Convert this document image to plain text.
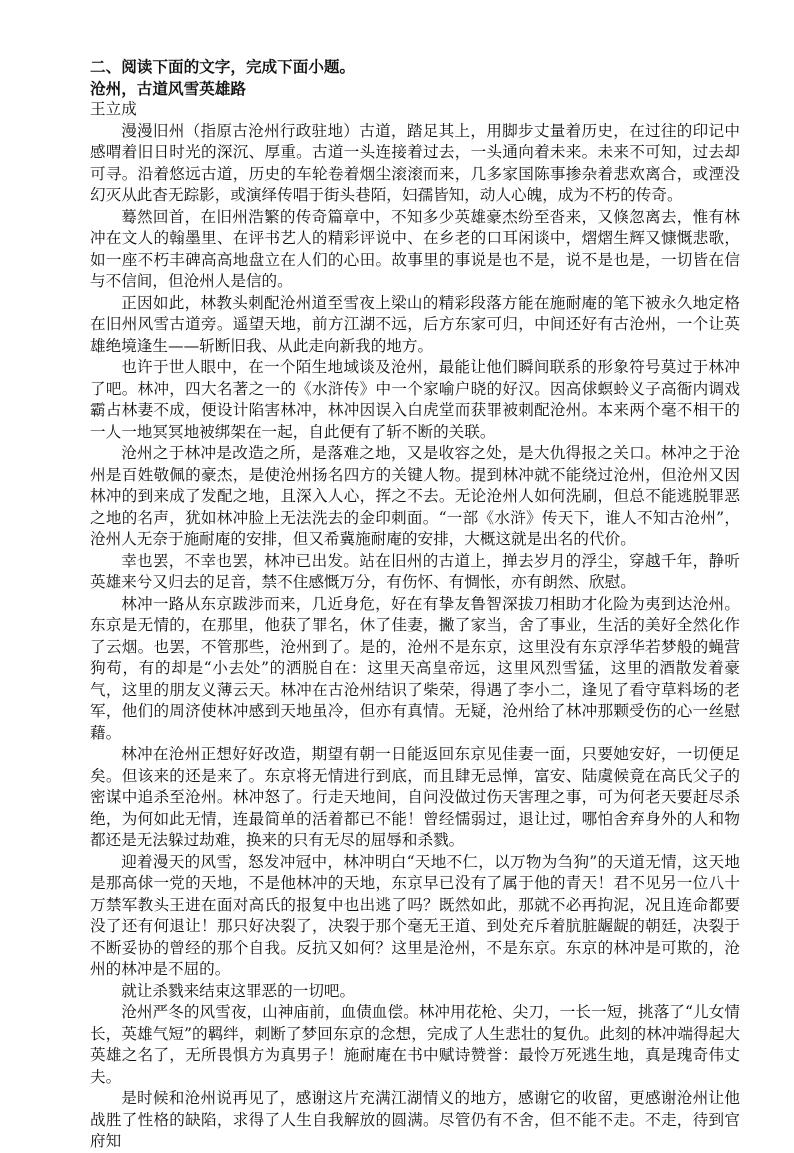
二、阅读下面的文字，完成下面小题。

沧州，古道风雪英雄路

王立成

漫漫旧州（指原古沧州行政驻地）古道，踏足其上，用脚步丈量着历史，在过往的印记中感喟着旧日时光的深沉、厚重。古道一头连接着过去，一头通向着未来。未来不可知，过去却可寻。沿着悠远古道，历史的车轮卷着烟尘滚滚而来，几多家国陈事掺杂着悲欢离合，或湮没幻灭从此杳无踪影，或演绎传唱于街头巷陌，妇孺皆知，动人心魄，成为不朽的传奇。

蓦然回首，在旧州浩繁的传奇篇章中，不知多少英雄豪杰纷至沓来，又倏忽离去，惟有林冲在文人的翰墨里、在评书艺人的精彩评说中、在乡老的口耳闲谈中，熠熠生辉又慷慨悲歌，如一座不朽丰碑高高地盘立在人们的心田。故事里的事说是也不是，说不是也是，一切皆在信与不信间，但沧州人是信的。

正因如此，林教头刺配沧州道至雪夜上梁山的精彩段落方能在施耐庵的笔下被永久地定格在旧州风雪古道旁。遥望天地，前方江湖不远，后方东家可归，中间还好有古沧州，一个让英雄绝境逢生——斩断旧我、从此走向新我的地方。

也许于世人眼中，在一个陌生地域谈及沧州，最能让他们瞬间联系的形象符号莫过于林冲了吧。林冲，四大名著之一的《水浒传》中一个家喻户晓的好汉。因高俅螟蛉义子高衙内调戏霸占林妻不成，便设计陷害林冲，林冲因误入白虎堂而获罪被刺配沧州。本来两个毫不相干的一人一地冥冥地被绑架在一起，自此便有了斩不断的关联。

沧州之于林冲是改造之所，是落难之地，又是收容之处，是大仇得报之关口。林冲之于沧州是百姓敬佩的豪杰，是使沧州扬名四方的关键人物。提到林冲就不能绕过沧州，但沧州又因林冲的到来成了发配之地，且深入人心，挥之不去。无论沧州人如何洗刷，但总不能逃脱罪恶之地的名声，犹如林冲脸上无法洗去的金印刺面。“一部《水浒》传天下，谁人不知古沧州”，沧州人无奈于施耐庵的安排，但又希冀施耐庵的安排，大概这就是出名的代价。

幸也罢，不幸也罢，林冲已出发。站在旧州的古道上，掸去岁月的浮尘，穿越千年，静听英雄来兮又归去的足音，禁不住感慨万分，有伤怀、有惆怅，亦有朗然、欣慰。

林冲一路从东京跋涉而来，几近身危，好在有挚友鲁智深拔刀相助才化险为夷到达沧州。东京是无情的，在那里，他获了罪名，休了佳妻，撇了家当，舍了事业，生活的美好全然化作了云烟。也罢，不管那些，沧州到了。是的，沧州不是东京，这里没有东京浮华若梦般的蝇营狗苟，有的却是“小去处”的洒脱自在：这里天高皇帝远，这里风烈雪猛，这里的酒散发着豪气，这里的朋友义薄云天。林冲在古沧州结识了柴荣，得遇了李小二，逢见了看守草料场的老军，他们的周济使林冲感到天地虽冷，但亦有真情。无疑，沧州给了林冲那颗受伤的心一丝慰藉。

林冲在沧州正想好好改造，期望有朝一日能返回东京见佳妻一面，只要她安好，一切便足矣。但该来的还是来了。东京将无情进行到底，而且肆无忌惮，富安、陆虞候竟在高氏父子的密谋中追杀至沧州。林冲怒了。行走天地间，自问没做过伤天害理之事，可为何老天要赶尽杀绝，为何如此无情，连最简单的活着都已不能！曾经懦弱过，退让过，哪怕舍弃身外的人和物都还是无法躲过劫难，换来的只有无尽的屈辱和杀戮。

迎着漫天的风雪，怒发冲冠中，林冲明白“天地不仁，以万物为刍狗”的天道无情，这天地是那高俅一党的天地，不是他林冲的天地，东京早已没有了属于他的青天！君不见另一位八十万禁军教头王进在面对高氏的报复中也出逃了吗？既然如此，那就不必再拘泥，况且连命都要没了还有何退让！那只好决裂了，决裂于那个毫无王道、到处充斥着肮脏龌龊的朝廷，决裂于不断妥协的曾经的那个自我。反抗又如何？这里是沧州，不是东京。东京的林冲是可欺的，沧州的林冲是不屈的。

就让杀戮来结束这罪恶的一切吧。

沧州严冬的风雪夜，山神庙前，血债血偿。林冲用花枪、尖刀，一长一短，挑落了“儿女情长，英雄气短”的羁绊，刺断了梦回东京的念想，完成了人生悲壮的复仇。此刻的林冲端得起大英雄之名了，无所畏惧方为真男子！施耐庵在书中赋诗赞誉：最怜万死逃生地，真是瑰奇伟丈夫。

是时候和沧州说再见了，感谢这片充满江湖情义的地方，感谢它的收留，更感谢沧州让他战胜了性格的缺陷，求得了人生自我解放的圆满。尽管仍有不舍，但不能不走。不走，待到官府知
